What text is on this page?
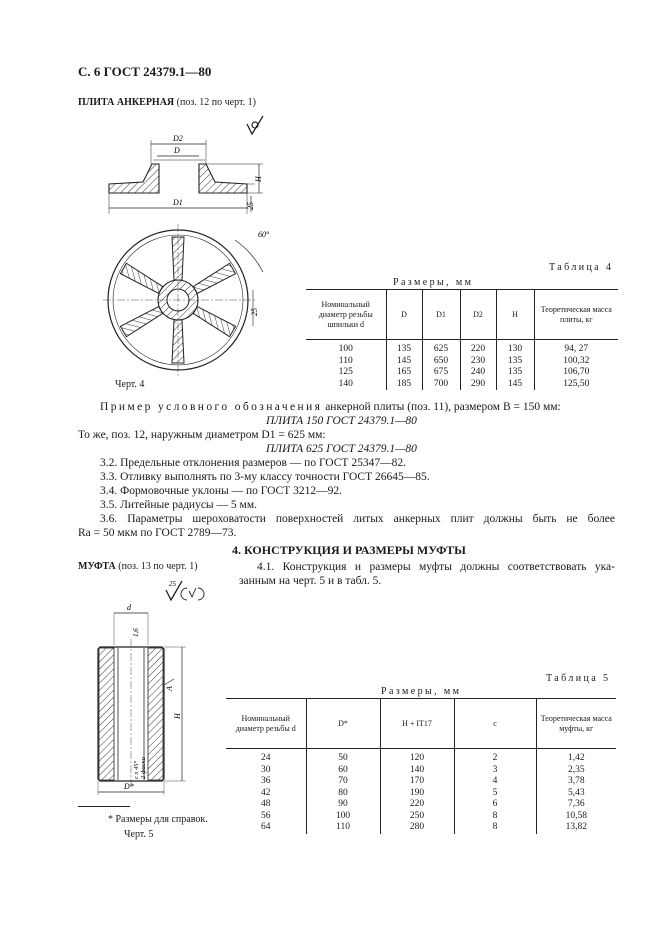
С. 6 ГОСТ 24379.1—80
ПЛИТА АНКЕРНАЯ (поз. 12 по черт. 1)
D2
D
D1
H
25
60°
25
Черт. 4
Таблица 4
Размеры, мм
Номинальный диаметр резьбы шпильки d	D	D1	D2	H	Теоретическая масса плиты, кг
100	135	625	220	130	94, 27
110	145	650	230	135	100,32
125	165	675	240	135	106,70
140	185	700	290	145	125,50
Пример условного обозначения анкерной плиты (поз. 11), размером B = 150 мм:
ПЛИТА 150 ГОСТ 24379.1—80
То же, поз. 12, наружным диаметром D1 = 625 мм:
ПЛИТА 625 ГОСТ 24379.1—80
3.2. Предельные отклонения размеров — по ГОСТ 25347—82.
3.3. Отливку выполнять по 3-му классу точности ГОСТ 26645—85.
3.4. Формовочные уклоны — по ГОСТ 3212—92.
3.5. Литейные радиусы — 5 мм.
3.6. Параметры шероховатости поверхностей литых анкерных плит должны быть не более
Ra = 50 мкм по ГОСТ 2789—73.
4. КОНСТРУКЦИЯ И РАЗМЕРЫ МУФТЫ
МУФТА (поз. 13 по черт. 1)	4.1. Конструкция и размеры муфты должны соответствовать ука-
занным на черт. 5 и в табл. 5.
25
d
1,6
A
H
c x 45° 2 фаски
D*
* Размеры для справок.
Черт. 5
Таблица 5
Размеры, мм
Номинальный диаметр резьбы d	D*	H + IT17	c	Теоретическая масса муфты, кг
24	50	120	2	1,42
30	60	140	3	2,35
36	70	170	4	3,78
42	80	190	5	5,43
48	90	220	6	7,36
56	100	250	8	10,58
64	110	280	8	13,82
